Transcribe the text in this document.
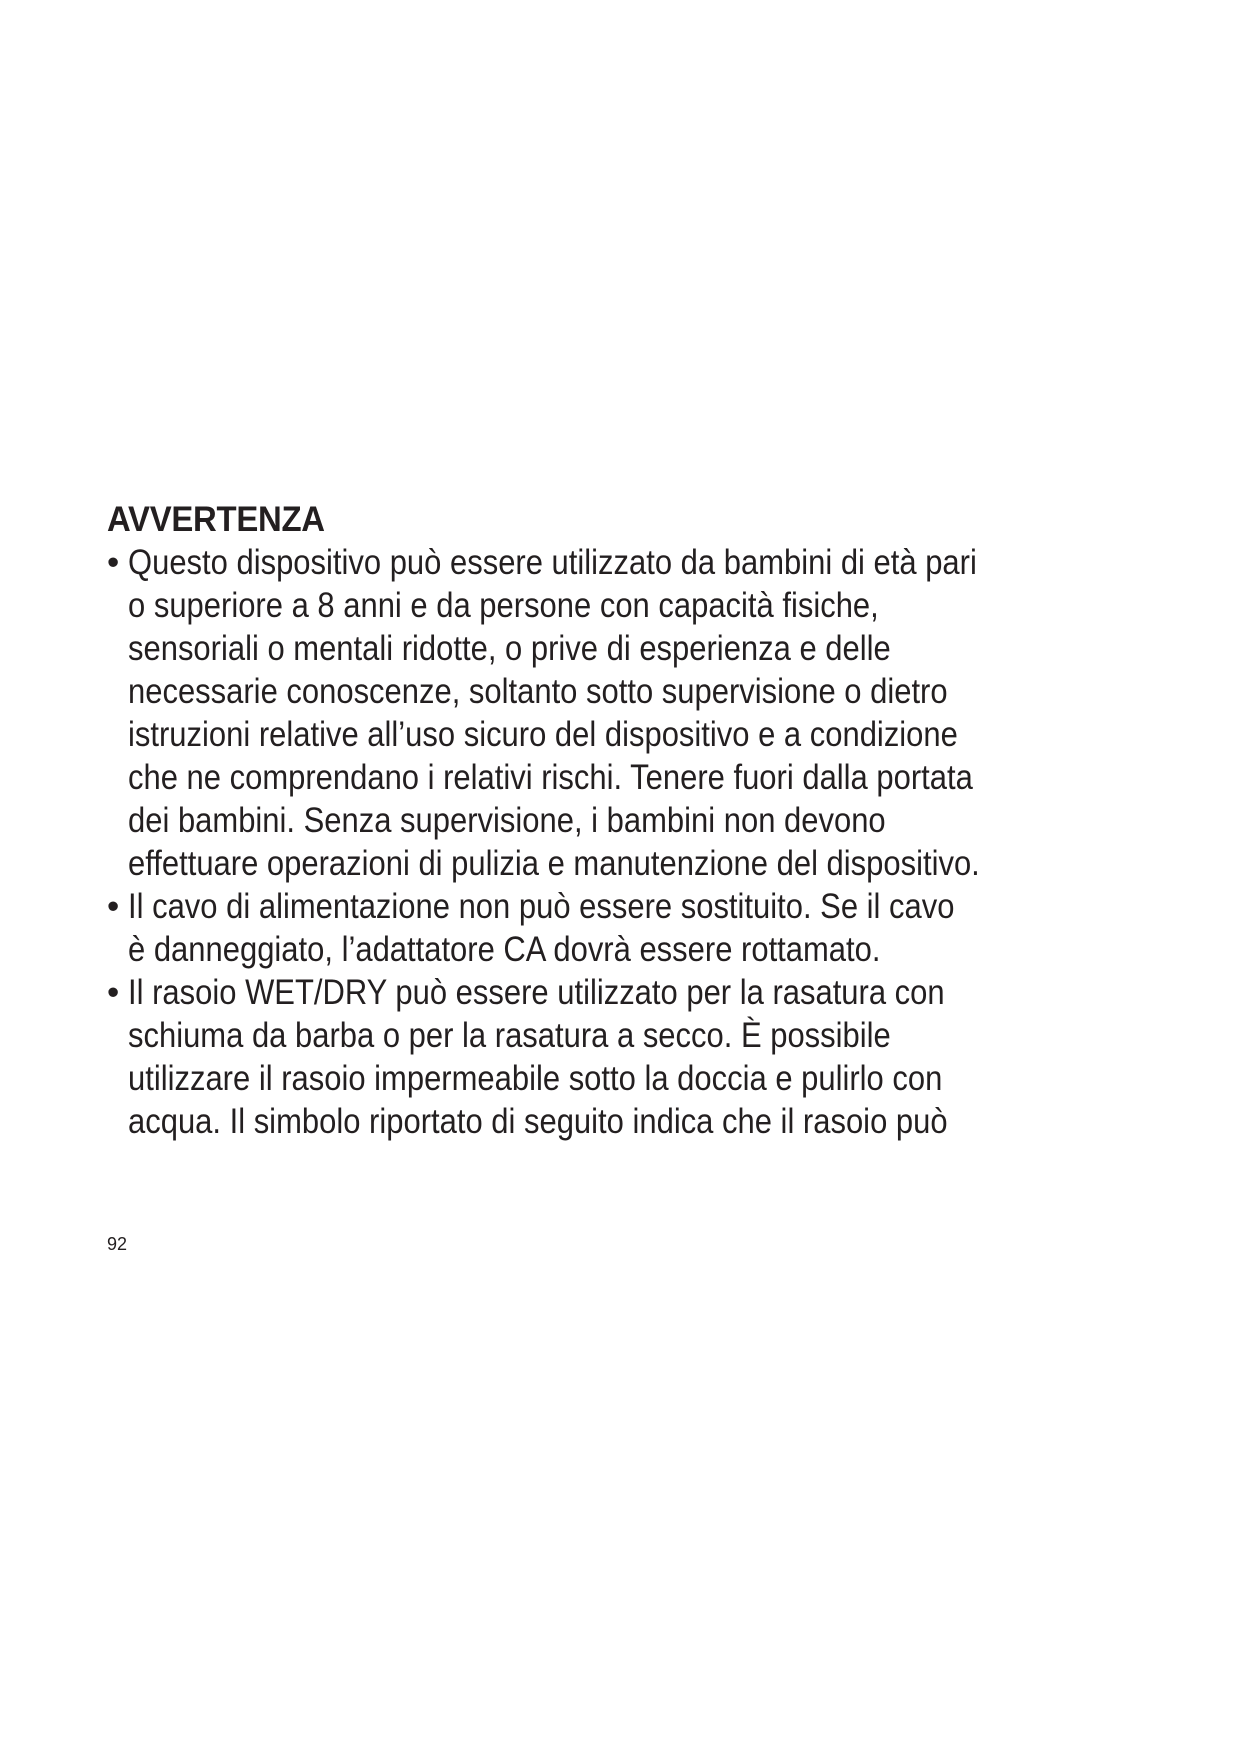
AVVERTENZA
• Questo dispositivo può essere utilizzato da bambini di età pari
o superiore a 8 anni e da persone con capacità fisiche,
sensoriali o mentali ridotte, o prive di esperienza e delle
necessarie conoscenze, soltanto sotto supervisione o dietro
istruzioni relative all’uso sicuro del dispositivo e a condizione
che ne comprendano i relativi rischi. Tenere fuori dalla portata
dei bambini. Senza supervisione, i bambini non devono
effettuare operazioni di pulizia e manutenzione del dispositivo.
• Il cavo di alimentazione non può essere sostituito. Se il cavo
è danneggiato, l’adattatore CA dovrà essere rottamato.
• Il rasoio WET/DRY può essere utilizzato per la rasatura con
schiuma da barba o per la rasatura a secco. È possibile
utilizzare il rasoio impermeabile sotto la doccia e pulirlo con
acqua. Il simbolo riportato di seguito indica che il rasoio può
92
